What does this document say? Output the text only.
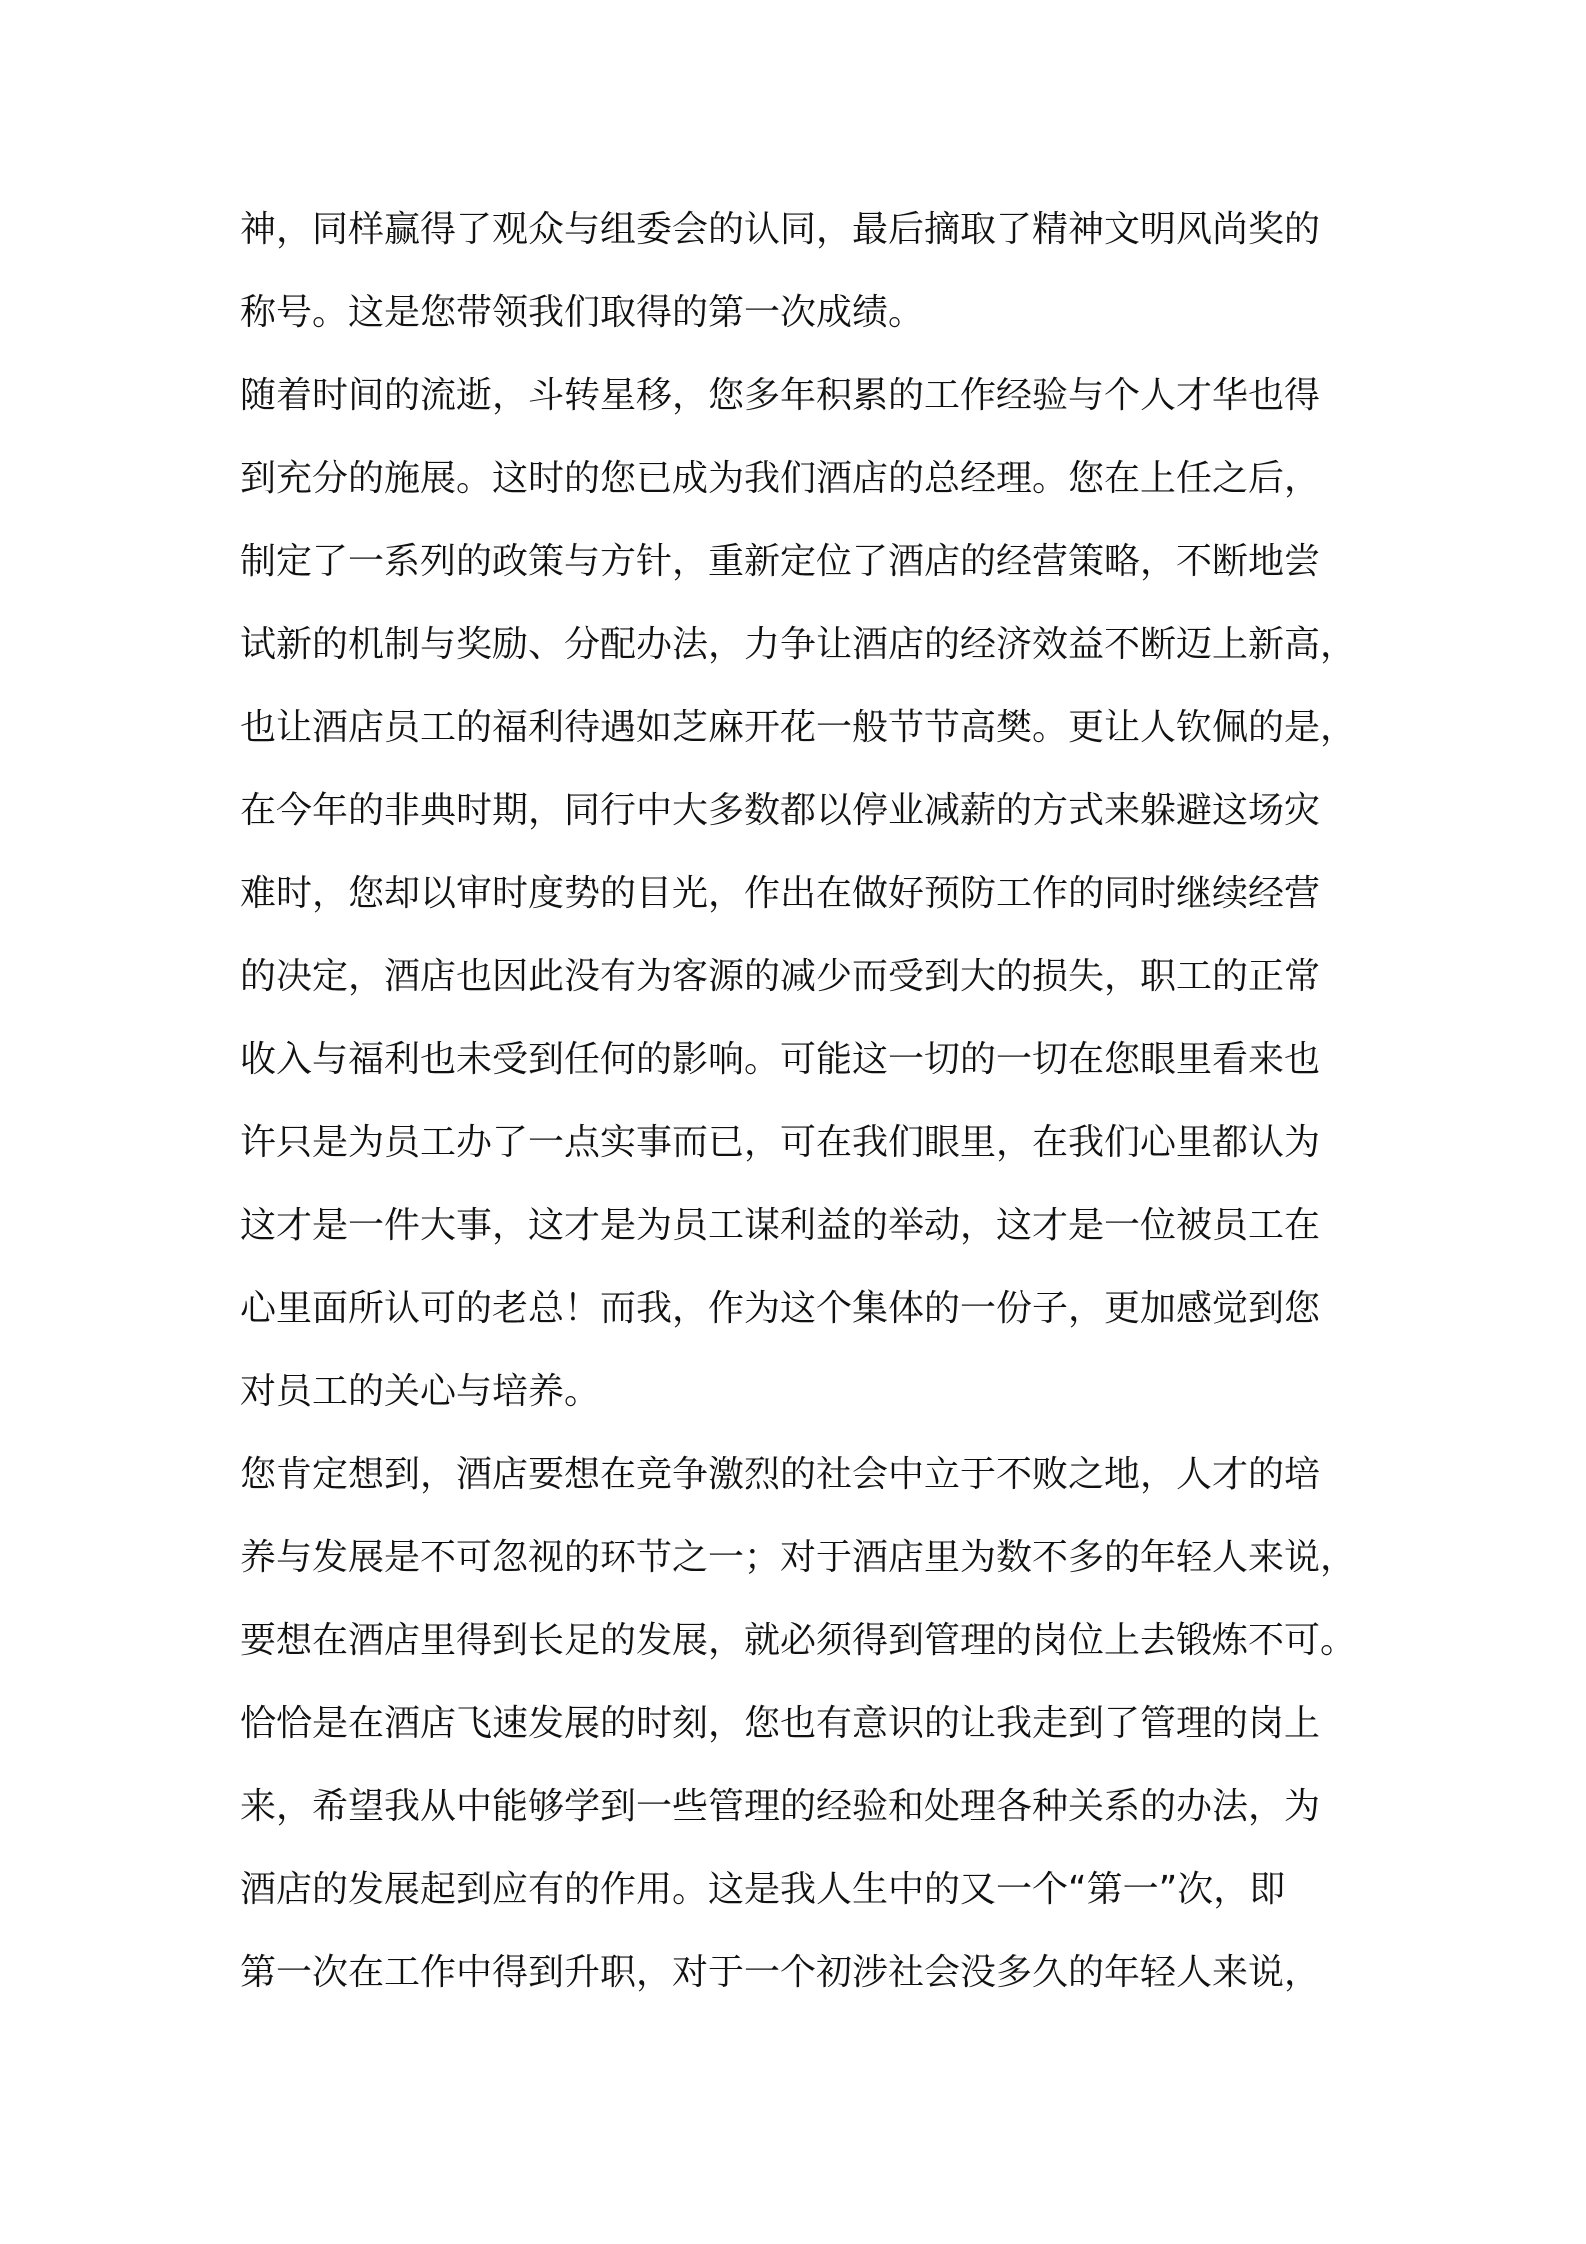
神，同样赢得了观众与组委会的认同，最后摘取了精神文明风尚奖的
称号。这是您带领我们取得的第一次成绩。
随着时间的流逝，斗转星移，您多年积累的工作经验与个人才华也得
到充分的施展。这时的您已成为我们酒店的总经理。您在上任之后，
制定了一系列的政策与方针，重新定位了酒店的经营策略，不断地尝
试新的机制与奖励、分配办法，力争让酒店的经济效益不断迈上新高，
也让酒店员工的福利待遇如芝麻开花一般节节高樊。更让人钦佩的是，
在今年的非典时期，同行中大多数都以停业减薪的方式来躲避这场灾
难时，您却以审时度势的目光，作出在做好预防工作的同时继续经营
的决定，酒店也因此没有为客源的减少而受到大的损失，职工的正常
收入与福利也未受到任何的影响。可能这一切的一切在您眼里看来也
许只是为员工办了一点实事而已，可在我们眼里，在我们心里都认为
这才是一件大事，这才是为员工谋利益的举动，这才是一位被员工在
心里面所认可的老总！而我，作为这个集体的一份子，更加感觉到您
对员工的关心与培养。
您肯定想到，酒店要想在竞争激烈的社会中立于不败之地，人才的培
养与发展是不可忽视的环节之一；对于酒店里为数不多的年轻人来说，
要想在酒店里得到长足的发展，就必须得到管理的岗位上去锻炼不可。
恰恰是在酒店飞速发展的时刻，您也有意识的让我走到了管理的岗上
来，希望我从中能够学到一些管理的经验和处理各种关系的办法，为
酒店的发展起到应有的作用。这是我人生中的又一个“第一”次，即
第一次在工作中得到升职，对于一个初涉社会没多久的年轻人来说，
